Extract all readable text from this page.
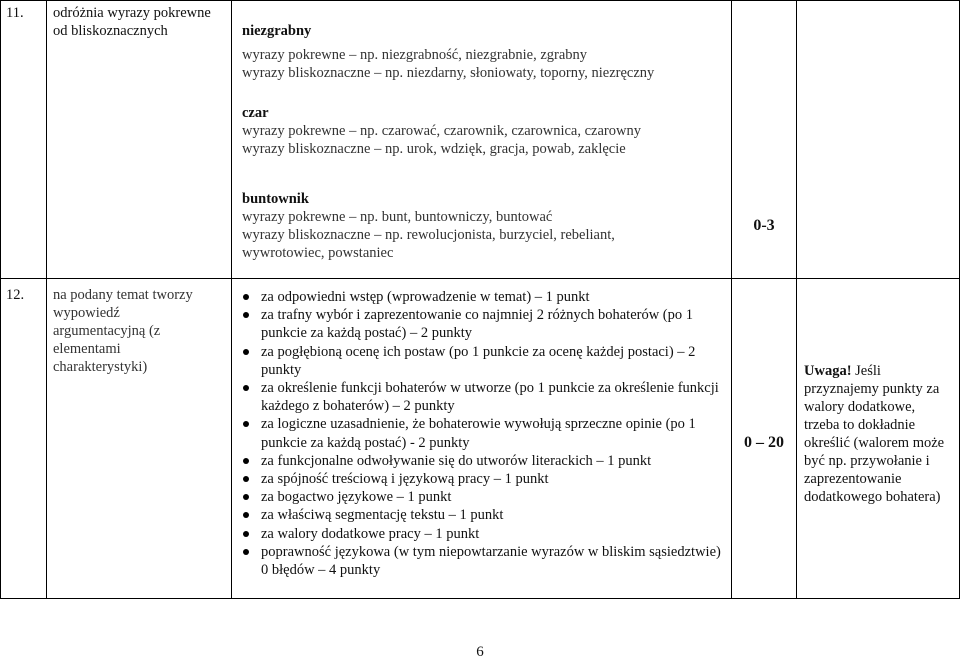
11. odróżnia wyrazy pokrewne od bliskoznacznych	niezgrabny
wyrazy pokrewne – np. niezgrabność, niezgrabnie, zgrabny
wyrazy bliskoznaczne – np. niezdarny, słoniowaty, toporny, niezręczny
czar
wyrazy pokrewne – np. czarować, czarownik, czarownica, czarowny
wyrazy bliskoznaczne – np. urok, wdzięk, gracja, powab, zaklęcie
buntownik
wyrazy pokrewne – np. bunt, buntowniczy, buntować
wyrazy bliskoznaczne – np. rewolucjonista, burzyciel, rebeliant,
wywrotowiec, powstaniec
0-3
12. na podany temat tworzy wypowiedź argumentacyjną (z elementami charakterystyki)
za odpowiedni wstęp (wprowadzenie w temat) – 1 punkt
za trafny wybór i zaprezentowanie co najmniej 2 różnych bohaterów (po 1 punkcie za każdą postać) – 2 punkty
za pogłębioną ocenę ich postaw (po 1 punkcie za ocenę każdej postaci) – 2 punkty
za określenie funkcji bohaterów w utworze (po 1 punkcie za określenie funkcji każdego z bohaterów) – 2 punkty
za logiczne uzasadnienie, że bohaterowie wywołują sprzeczne opinie (po 1 punkcie za każdą postać) - 2 punkty
za funkcjonalne odwoływanie się do utworów literackich – 1 punkt
za spójność treściową i językową pracy – 1 punkt
za bogactwo językowe – 1 punkt
za właściwą segmentację tekstu – 1 punkt
za walory dodatkowe pracy – 1 punkt
poprawność językowa (w tym niepowtarzanie wyrazów w bliskim sąsiedztwie)
0 błędów – 4 punkty
0 – 20
Uwaga! Jeśli przyznajemy punkty za walory dodatkowe, trzeba to dokładnie określić (walorem może być np. przywołanie i zaprezentowanie dodatkowego bohatera)
6
